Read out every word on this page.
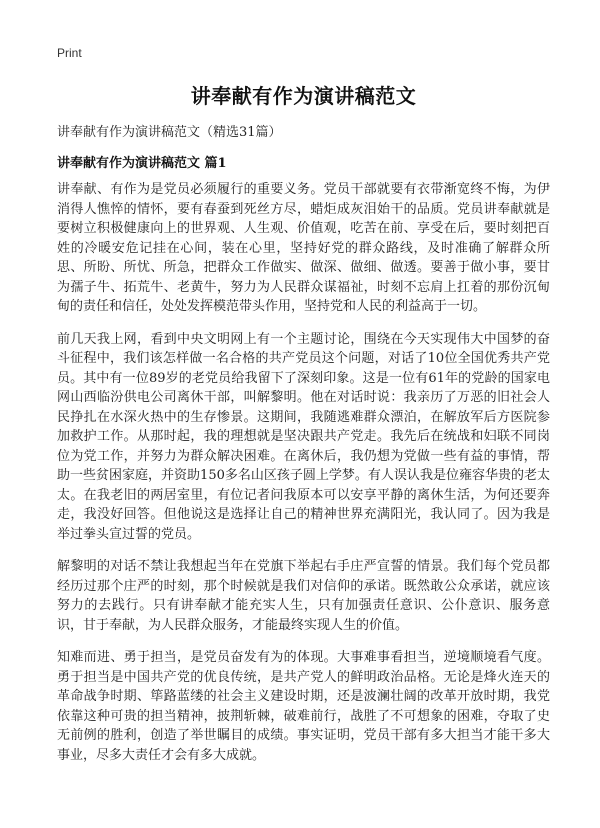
Print
讲奉献有作为演讲稿范文
讲奉献有作为演讲稿范文（精选31篇）
讲奉献有作为演讲稿范文 篇1

讲奉献、有作为是党员必须履行的重要义务。党员干部就要有衣带渐宽终不悔，为伊消得人憔悴的情怀，要有春蚕到死丝方尽，蜡炬成灰泪始干的品质。党员讲奉献就是要树立积极健康向上的世界观、人生观、价值观，吃苦在前、享受在后，要时刻把百姓的冷暖安危记挂在心间，装在心里，坚持好党的群众路线，及时准确了解群众所思、所盼、所忧、所急，把群众工作做实、做深、做细、做透。要善于做小事，要甘为孺子牛、拓荒牛、老黄牛，努力为人民群众谋福祉，时刻不忘肩上扛着的那份沉甸甸的责任和信任，处处发挥模范带头作用，坚持党和人民的利益高于一切。

前几天我上网，看到中央文明网上有一个主题讨论，围绕在今天实现伟大中国梦的奋斗征程中，我们该怎样做一名合格的共产党员这个问题，对话了10位全国优秀共产党员。其中有一位89岁的老党员给我留下了深刻印象。这是一位有61年的党龄的国家电网山西临汾供电公司离休干部，叫解黎明。他在对话时说：我亲历了万恶的旧社会人民挣扎在水深火热中的生存惨景。这期间，我随逃难群众漂泊，在解放军后方医院参加救护工作。从那时起，我的理想就是坚决跟共产党走。我先后在统战和妇联不同岗位为党工作，并努力为群众解决困难。在离休后，我仍想为党做一些有益的事情，帮助一些贫困家庭，并资助150多名山区孩子圆上学梦。有人误认我是位雍容华贵的老太太。在我老旧的两居室里，有位记者问我原本可以安享平静的离休生活，为何还要奔走，我没好回答。但他说这是选择让自己的精神世界充满阳光，我认同了。因为我是举过拳头宣过誓的党员。

解黎明的对话不禁让我想起当年在党旗下举起右手庄严宣誓的情景。我们每个党员都经历过那个庄严的时刻，那个时候就是我们对信仰的承诺。既然敢公众承诺，就应该努力的去践行。只有讲奉献才能充实人生，只有加强责任意识、公仆意识、服务意识，甘于奉献，为人民群众服务，才能最终实现人生的价值。

知难而进、勇于担当，是党员奋发有为的体现。大事难事看担当，逆境顺境看气度。勇于担当是中国共产党的优良传统，是共产党人的鲜明政治品格。无论是烽火连天的革命战争时期、筚路蓝缕的社会主义建设时期，还是波澜壮阔的改革开放时期，我党依靠这种可贵的担当精神，披荆斩棘，破难前行，战胜了不可想象的困难，夺取了史无前例的胜利，创造了举世瞩目的成绩。事实证明，党员干部有多大担当才能干多大事业，尽多大责任才会有多大成就。
